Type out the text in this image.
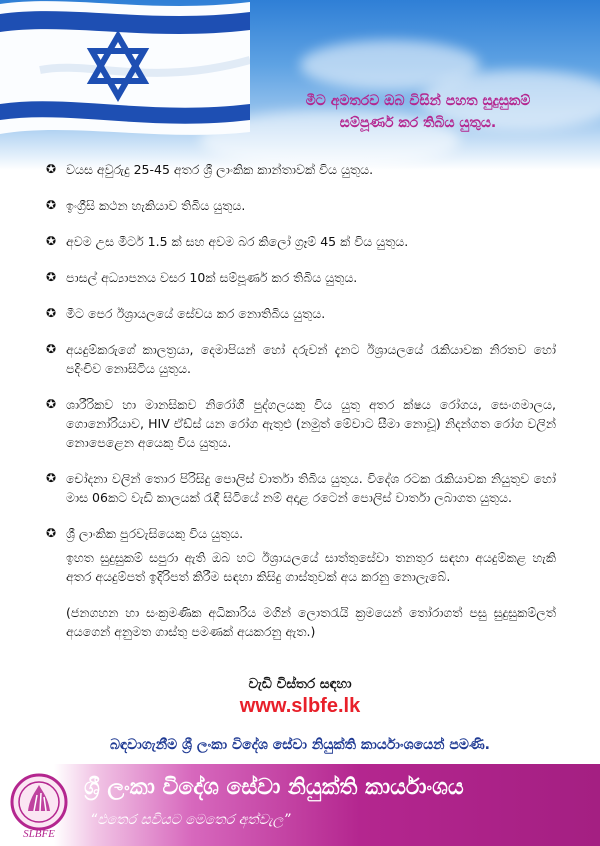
මීට අමතරව ඔබ විසින් පහත සුදුසුකම්
සම්පූර්ණ කර තිබිය යුතුය.
✪ වයස අවුරුදු 25-45 අතර ශ්‍රී ලාංකික කාන්තාවක් විය යුතුය.
✪ ඉංග්‍රීසි කථන හැකියාව තිබිය යුතුය.
✪ අවම උස මීටර් 1.5 ක් සහ අවම බර කිලෝ ග්‍රෑම් 45 ක් විය යුතුය.
✪ පාසල් අධ්‍යාපනය වසර 10ක් සම්පූර්ණ කර තිබිය යුතුය.
✪ මීට පෙර ඊශ්‍රායලයේ සේවය කර නොතිබිය යුතුය.
✪ අයදුම්කරුගේ කාලත්‍රයා, දෙමාපියන් හෝ දරුවන් දැනට ඊශ්‍රායලයේ රැකියාවක නිරතව හෝ පදිංචිව නොසිටිය යුතුය.
✪ ශාරීරිකව හා මානසිකව නිරෝගී පුද්ගලයකු විය යුතු අතර ක්ෂය රෝගය, සෙංගමාලය, ගොනෝරියාව, HIV ඒඩ්ස් යන රෝග ඇතුළු (නමුත් මේවාට සීමා නොවූ) නිදන්ගත රෝග වලින් නොපෙළෙන අයෙකු විය යුතුය.
✪ චෝදනා වලින් තොර පිරිසිදු පොලිස් වාර්තා තිබිය යුතුය. විදේශ රටක රැකියාවක නියුතුව හෝ මාස 06කට වැඩි කාලයක් රැඳී සිටියේ නම් අදාළ රටෙන් පොලිස් වාර්තා ලබාගත යුතුය.
✪ ශ්‍රී ලාංකික පුරවැසියෙකු විය යුතුය.
ඉහත සුදුසුකම් සපුරා ඇති ඔබ හට ඊශ්‍රායලයේ සාත්තුසේවා තනතුර සඳහා අයදුම්කළ හැකි අතර අයදුම්පත් ඉදිරිපත් කිරීම සඳහා කිසිදු ගාස්තුවක් අය කරනු නොලැබේ.
(ජනගහන හා සංක්‍රමණික අධිකාරිය මගින් ලොතරැයි ක්‍රමයෙන් තෝරාගත් පසු සුදුසුකම්ලත් අයගෙන් අනුමත ගාස්තු පමණක් අයකරනු ඇත.)
වැඩි විස්තර සඳහා
www.slbfe.lk
බඳවාගැනීම ශ්‍රී ලංකා විදේශ සේවා නියුක්ති කාර්යාංශයෙන් පමණි.
SLBFE
ශ්‍රී ලංකා විදේශ සේවා නියුක්ති කාර්යාංශය
“එතෙර සවියට මෙතෙර අත්වැල”
